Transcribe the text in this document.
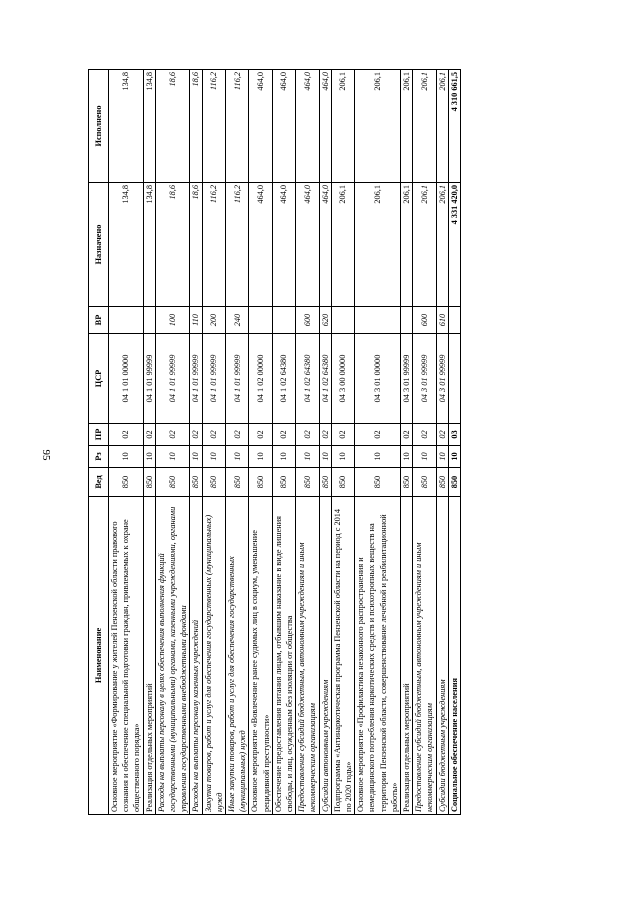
95
Наименование	Вед	Рз	ПР	ЦСР	ВР	Назначено	Исполнено
Основное мероприятие «Формирование у жителей Пензенской области правового сознания и обеспечение специальной подготовки граждан, привлекаемых к охране общественного порядка»	850	10	02	04 1 01 00000		134,8	134,8
Реализация отдельных мероприятий	850	10	02	04 1 01 99999		134,8	134,8
Расходы на выплаты персоналу в целях обеспечения выполнения функций государственными (муниципальными) органами, казенными учреждениями, органами управления государственными внебюджетными фондами	850	10	02	04 1 01 99999	100	18,6	18,6
Расходы на выплаты персоналу казенных учреждений	850	10	02	04 1 01 99999	110	18,6	18,6
Закупка товаров, работ и услуг для обеспечения государственных (муниципальных) нужд	850	10	02	04 1 01 99999	200	116,2	116,2
Иные закупки товаров, работ и услуг для обеспечения государственных (муниципальных) нужд	850	10	02	04 1 01 99999	240	116,2	116,2
Основное мероприятие «Вовлечение ранее судимых лиц в социум, уменьшение рецидивной преступности»	850	10	02	04 1 02 00000		464,0	464,0
Обеспечение предоставления питания лицам, отбывшим наказание в виде лишения свободы, и лиц, осужденным без изоляции от общества	850	10	02	04 1 02 64380		464,0	464,0
Предоставление субсидий бюджетным, автономным учреждениям и иным некоммерческим организациям	850	10	02	04 1 02 64380	600	464,0	464,0
Субсидии автономным учреждениям	850	10	02	04 1 02 64380	620	464,0	464,0
Подпрограмма «Антинаркотическая программа Пензенской области на период с 2014 по 2020 годы»	850	10	02	04 3 00 00000		206,1	206,1
Основное мероприятие «Профилактика незаконного распространения и немедицинского потребления наркотических средств и психотропных веществ на территории Пензенской области, совершенствование лечебной и реабилитационной работы»	850	10	02	04 3 01 00000		206,1	206,1
Реализация отдельных мероприятий	850	10	02	04 3 01 99999		206,1	206,1
Предоставление субсидий бюджетным, автономным учреждениям и иным некоммерческим организациям	850	10	02	04 3 01 99999	600	206,1	206,1
Субсидии бюджетным учреждениям	850	10	02	04 3 01 99999	610	206,1	206,1
Социальное обеспечение населения	850	10	03			4 331 420,0	4 310 661,5
